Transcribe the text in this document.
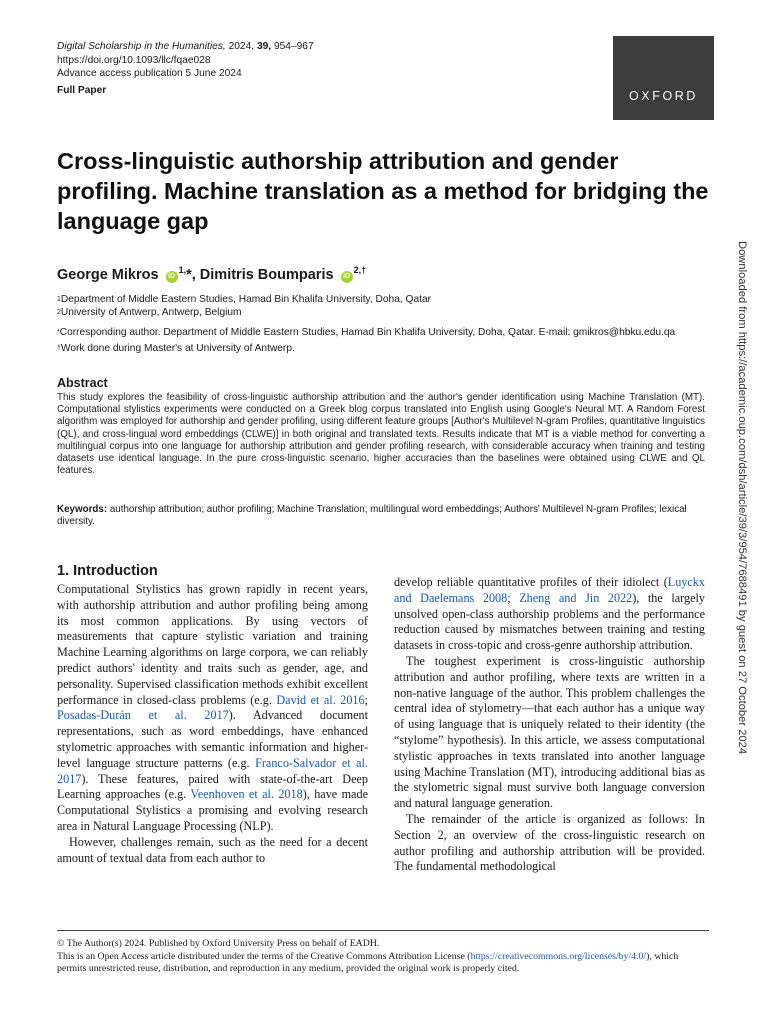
Digital Scholarship in the Humanities, 2024, 39, 954–967
https://doi.org/10.1093/llc/fqae028
Advance access publication 5 June 2024
Full Paper	OXFORD
Cross-linguistic authorship attribution and gender profiling. Machine translation as a method for bridging the language gap
George Mikros $iD^{1,}*$, Dimitris Boumparis $iD^{2,\dagger}$
$^1$Department of Middle Eastern Studies, Hamad Bin Khalifa University, Doha, Qatar
$^2$University of Antwerp, Antwerp, Belgium
*Corresponding author. Department of Middle Eastern Studies, Hamad Bin Khalifa University, Doha, Qatar. E-mail: gmikros@hbku.edu.qa
†Work done during Master's at University of Antwerp.
Abstract

This study explores the feasibility of cross-linguistic authorship attribution and the author's gender identification using Machine Translation (MT). Computational stylistics experiments were conducted on a Greek blog corpus translated into English using Google's Neural MT. A Random Forest algorithm was employed for authorship and gender profiling, using different feature groups [Author's Multilevel N-gram Profiles, quantitative linguistics (QL), and cross-lingual word embeddings (CLWE)] in both original and translated texts. Results indicate that MT is a viable method for converting a multilingual corpus into one language for authorship attribution and gender profiling research, with considerable accuracy when training and testing datasets use identical language. In the pure cross-linguistic scenario, higher accuracies than the baselines were obtained using CLWE and QL features.

Keywords: authorship attribution; author profiling; Machine Translation; multilingual word embeddings; Authors' Multilevel N-gram Profiles; lexical diversity.

1. Introduction

Computational Stylistics has grown rapidly in recent years, with authorship attribution and author profiling being among its most common applications. By using vectors of measurements that capture stylistic variation and training Machine Learning algorithms on large corpora, we can reliably predict authors' identity and traits such as gender, age, and personality. Supervised classification methods exhibit excellent performance in closed-class problems (e.g. David et al. 2016; Posadas-Durán et al. 2017). Advanced document representations, such as word embeddings, have enhanced stylometric approaches with semantic information and higher-level language structure patterns (e.g. Franco-Salvador et al. 2017). These features, paired with state-of-the-art Deep Learning approaches (e.g. Veenhoven et al. 2018), have made Computational Stylistics a promising and evolving research area in Natural Language Processing (NLP).

However, challenges remain, such as the need for a decent amount of textual data from each author to

develop reliable quantitative profiles of their idiolect (Luyckx and Daelemans 2008; Zheng and Jin 2022), the largely unsolved open-class authorship problems and the performance reduction caused by mismatches between training and testing datasets in cross-topic and cross-genre authorship attribution.

The toughest experiment is cross-linguistic authorship attribution and author profiling, where texts are written in a non-native language of the author. This problem challenges the central idea of stylometry—that each author has a unique way of using language that is uniquely related to their identity (the “stylome” hypothesis). In this article, we assess computational stylistic approaches in texts translated into another language using Machine Translation (MT), introducing additional bias as the stylometric signal must survive both language conversion and natural language generation.

The remainder of the article is organized as follows: In Section 2, an overview of the cross-linguistic research on author profiling and authorship attribution will be provided. The fundamental methodological

© The Author(s) 2024. Published by Oxford University Press on behalf of EADH.
This is an Open Access article distributed under the terms of the Creative Commons Attribution License (https://creativecommons.org/licenses/by/4.0/), which permits unrestricted reuse, distribution, and reproduction in any medium, provided the original work is properly cited.
Downloaded from https://academic.oup.com/dsh/article/39/3/954/7688491 by guest on 27 October 2024
